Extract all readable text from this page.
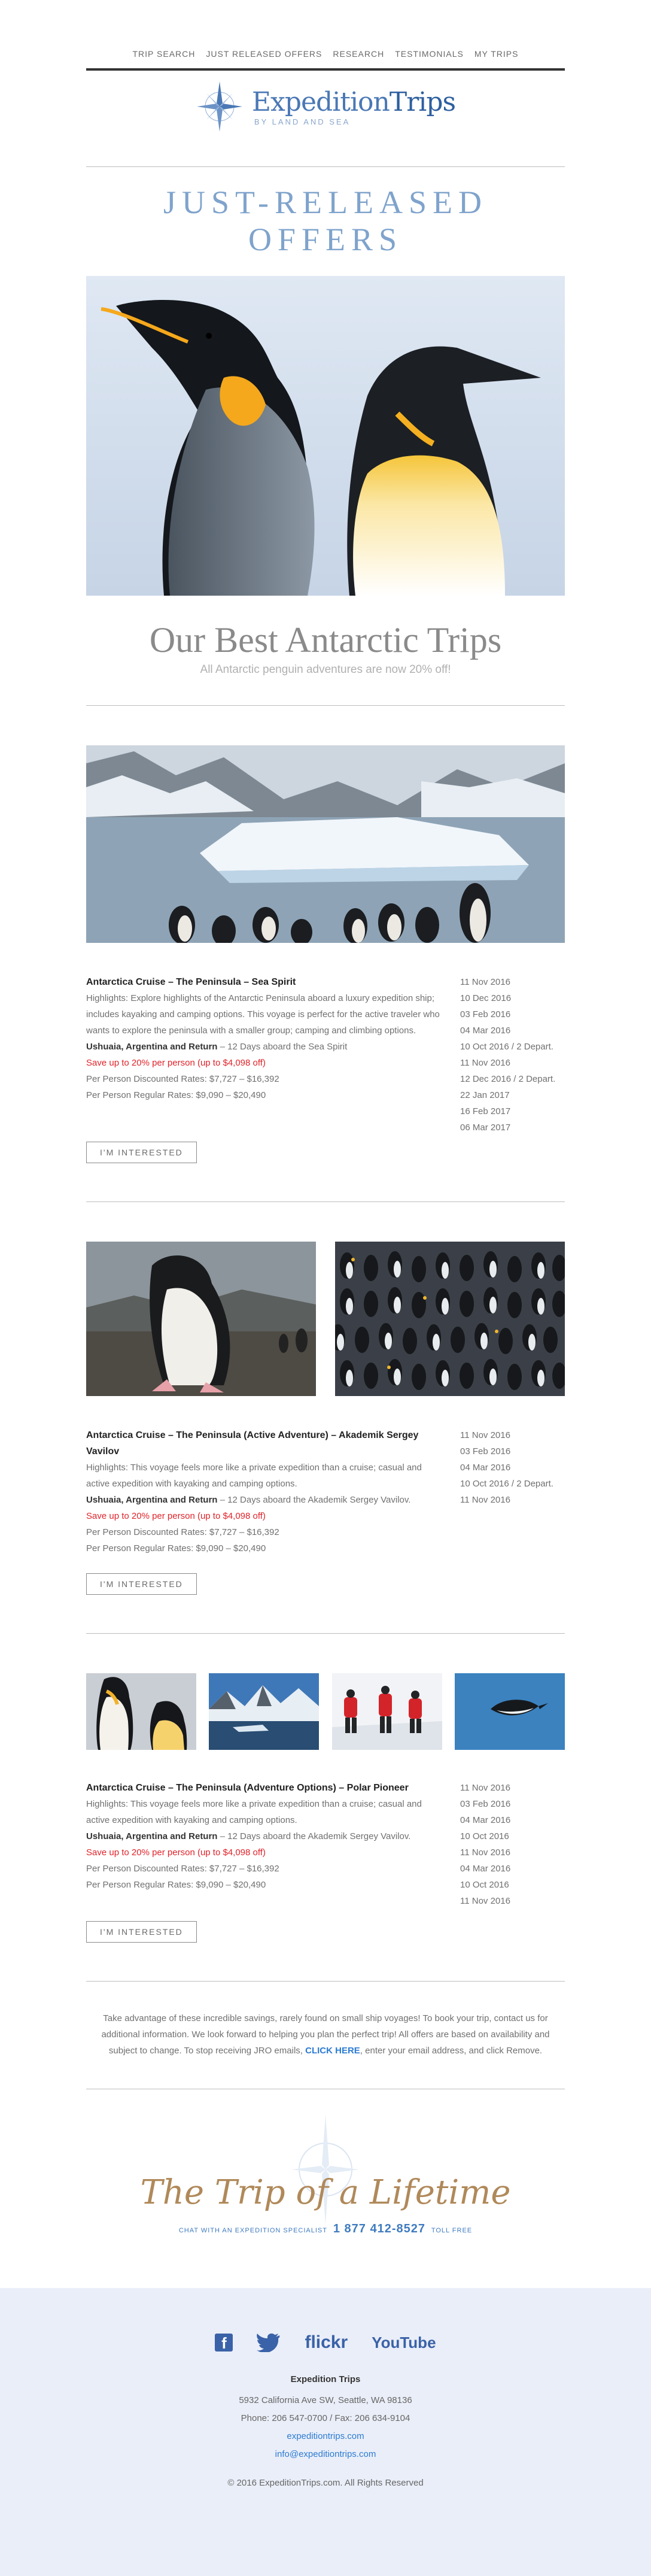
TRIP SEARCH JUST RELEASED OFFERS RESEARCH TESTIMONIALS MY TRIPS
ExpeditionTrips
BY LAND AND SEA
JUST-RELEASED OFFERS
Our Best Antarctic Trips
All Antarctic penguin adventures are now 20% off!
Antarctica Cruise – The Peninsula – Sea Spirit
Highlights: Explore highlights of the Antarctic Peninsula aboard a luxury expedition ship; includes kayaking and camping options. This voyage is perfect for the active traveler who wants to explore the peninsula with a smaller group; camping and climbing options.
Ushuaia, Argentina and Return – 12 Days aboard the Sea Spirit
Save up to 20% per person (up to $4,098 off)
Per Person Discounted Rates: $7,727 – $16,392
Per Person Regular Rates: $9,090 – $20,490
11 Nov 2016
10 Dec 2016
03 Feb 2016
04 Mar 2016
10 Oct 2016 / 2 Depart.
11 Nov 2016
12 Dec 2016 / 2 Depart.
22 Jan 2017
16 Feb 2017
06 Mar 2017
I'M INTERESTED
Antarctica Cruise – The Peninsula (Active Adventure) – Akademik Sergey Vavilov
Highlights: This voyage feels more like a private expedition than a cruise; casual and active expedition with kayaking and camping options.
Ushuaia, Argentina and Return – 12 Days aboard the Akademik Sergey Vavilov.
Save up to 20% per person (up to $4,098 off)
Per Person Discounted Rates: $7,727 – $16,392
Per Person Regular Rates: $9,090 – $20,490
11 Nov 2016
03 Feb 2016
04 Mar 2016
10 Oct 2016 / 2 Depart.
11 Nov 2016
I'M INTERESTED
Antarctica Cruise – The Peninsula (Adventure Options) – Polar Pioneer
Highlights: This voyage feels more like a private expedition than a cruise; casual and active expedition with kayaking and camping options.
Ushuaia, Argentina and Return – 12 Days aboard the Akademik Sergey Vavilov.
Save up to 20% per person (up to $4,098 off)
Per Person Discounted Rates: $7,727 – $16,392
Per Person Regular Rates: $9,090 – $20,490
11 Nov 2016
03 Feb 2016
04 Mar 2016
10 Oct 2016
11 Nov 2016
04 Mar 2016
10 Oct 2016
11 Nov 2016
I'M INTERESTED
Take advantage of these incredible savings, rarely found on small ship voyages! To book your trip, contact us for additional information. We look forward to helping you plan the perfect trip! All offers are based on availability and subject to change. To stop receiving JRO emails, CLICK HERE, enter your email address, and click Remove.
The Trip of a Lifetime
CHAT WITH AN EXPEDITION SPECIALIST 1 877 412-8527 TOLL FREE
f	flickr YouTube
Expedition Trips
5932 California Ave SW, Seattle, WA 98136
Phone: 206 547-0700 / Fax: 206 634-9104
expeditiontrips.com
info@expeditiontrips.com
© 2016 ExpeditionTrips.com. All Rights Reserved
